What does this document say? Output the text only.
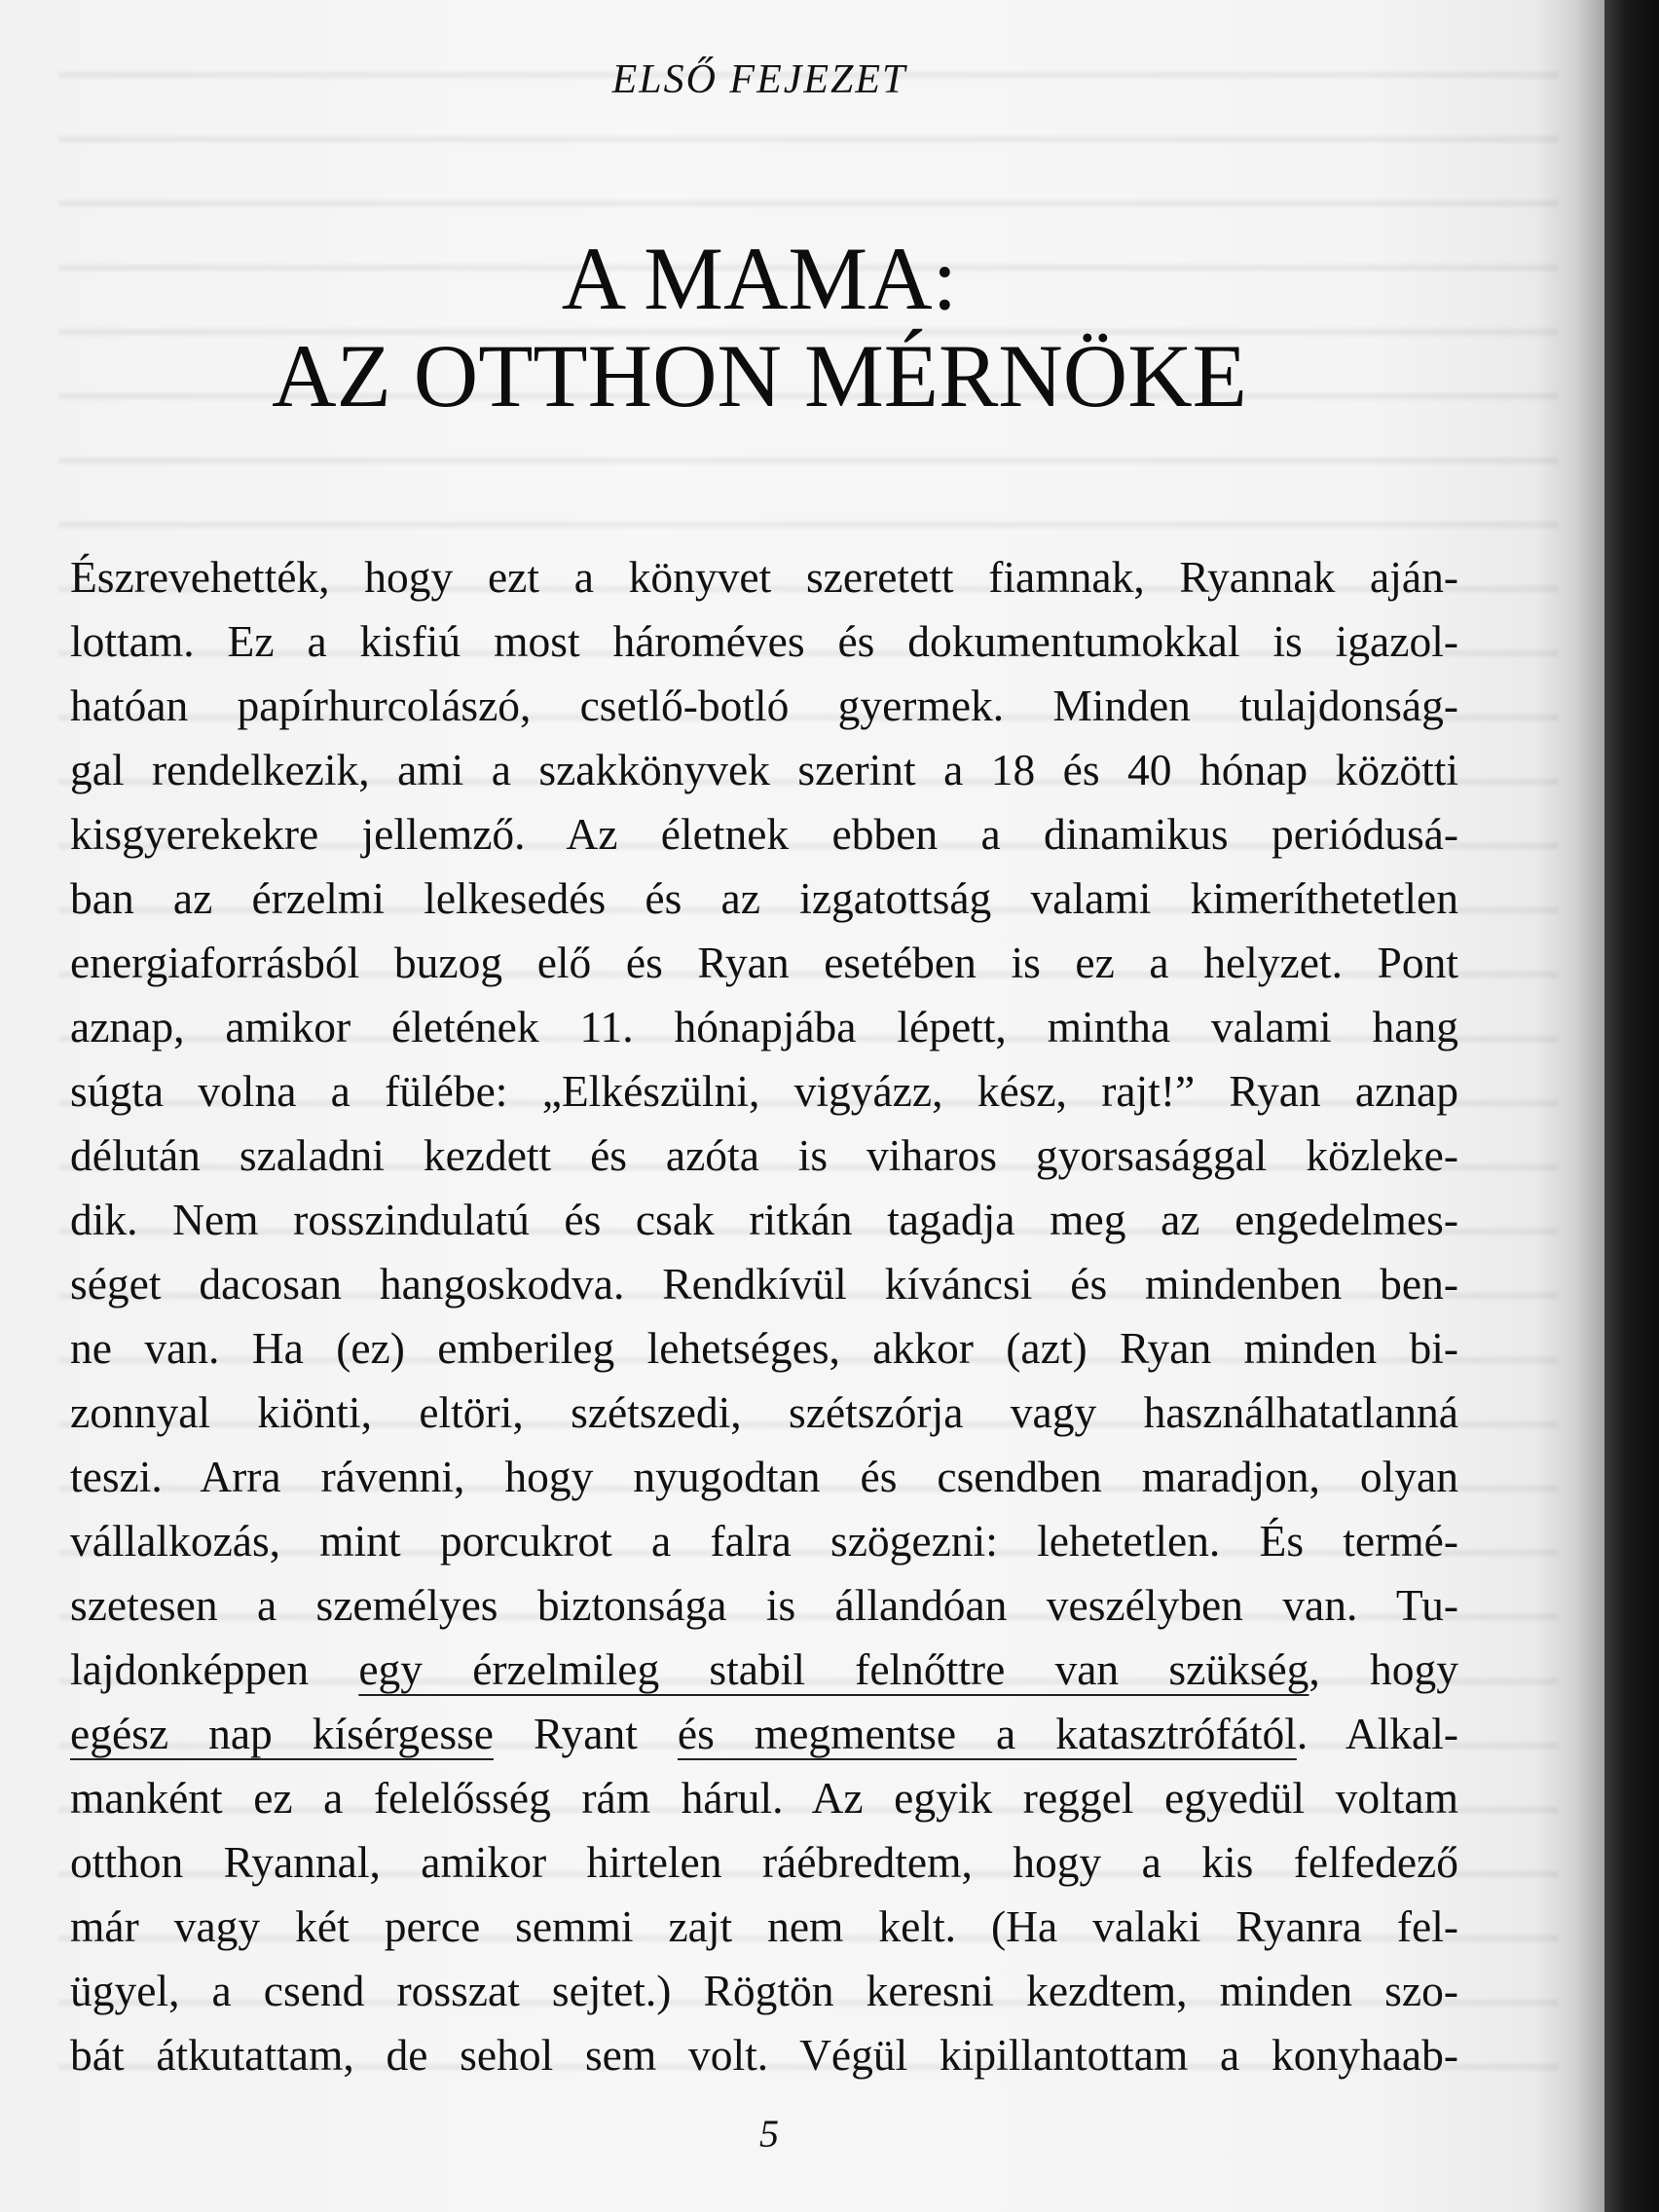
ELSŐ FEJEZET
A MAMA:
AZ OTTHON MÉRNÖKE
Észrevehették, hogy ezt a könyvet szeretett fiamnak, Ryannak aján-
lottam. Ez a kisfiú most hároméves és dokumentumokkal is igazol-
hatóan papírhurcolászó, csetlő-botló gyermek. Minden tulajdonság-
gal rendelkezik, ami a szakkönyvek szerint a 18 és 40 hónap közötti
kisgyerekekre jellemző. Az életnek ebben a dinamikus periódusá-
ban az érzelmi lelkesedés és az izgatottság valami kimeríthetetlen
energiaforrásból buzog elő és Ryan esetében is ez a helyzet. Pont
aznap, amikor életének 11. hónapjába lépett, mintha valami hang
súgta volna a fülébe: „Elkészülni, vigyázz, kész, rajt!” Ryan aznap
délután szaladni kezdett és azóta is viharos gyorsasággal közleke-
dik. Nem rosszindulatú és csak ritkán tagadja meg az engedelmes-
séget dacosan hangoskodva. Rendkívül kíváncsi és mindenben ben-
ne van. Ha (ez) emberileg lehetséges, akkor (azt) Ryan minden bi-
zonnyal kiönti, eltöri, szétszedi, szétszórja vagy használhatatlanná
teszi. Arra rávenni, hogy nyugodtan és csendben maradjon, olyan
vállalkozás, mint porcukrot a falra szögezni: lehetetlen. És termé-
szetesen a személyes biztonsága is állandóan veszélyben van. Tu-
lajdonképpen egy érzelmileg stabil felnőttre van szükség, hogy
egész nap kísérgesse Ryant és megmentse a katasztrófától. Alkal-
manként ez a felelősség rám hárul. Az egyik reggel egyedül voltam
otthon Ryannal, amikor hirtelen ráébredtem, hogy a kis felfedező
már vagy két perce semmi zajt nem kelt. (Ha valaki Ryanra fel-
ügyel, a csend rosszat sejtet.) Rögtön keresni kezdtem, minden szo-
bát átkutattam, de sehol sem volt. Végül kipillantottam a konyhaab-
5
